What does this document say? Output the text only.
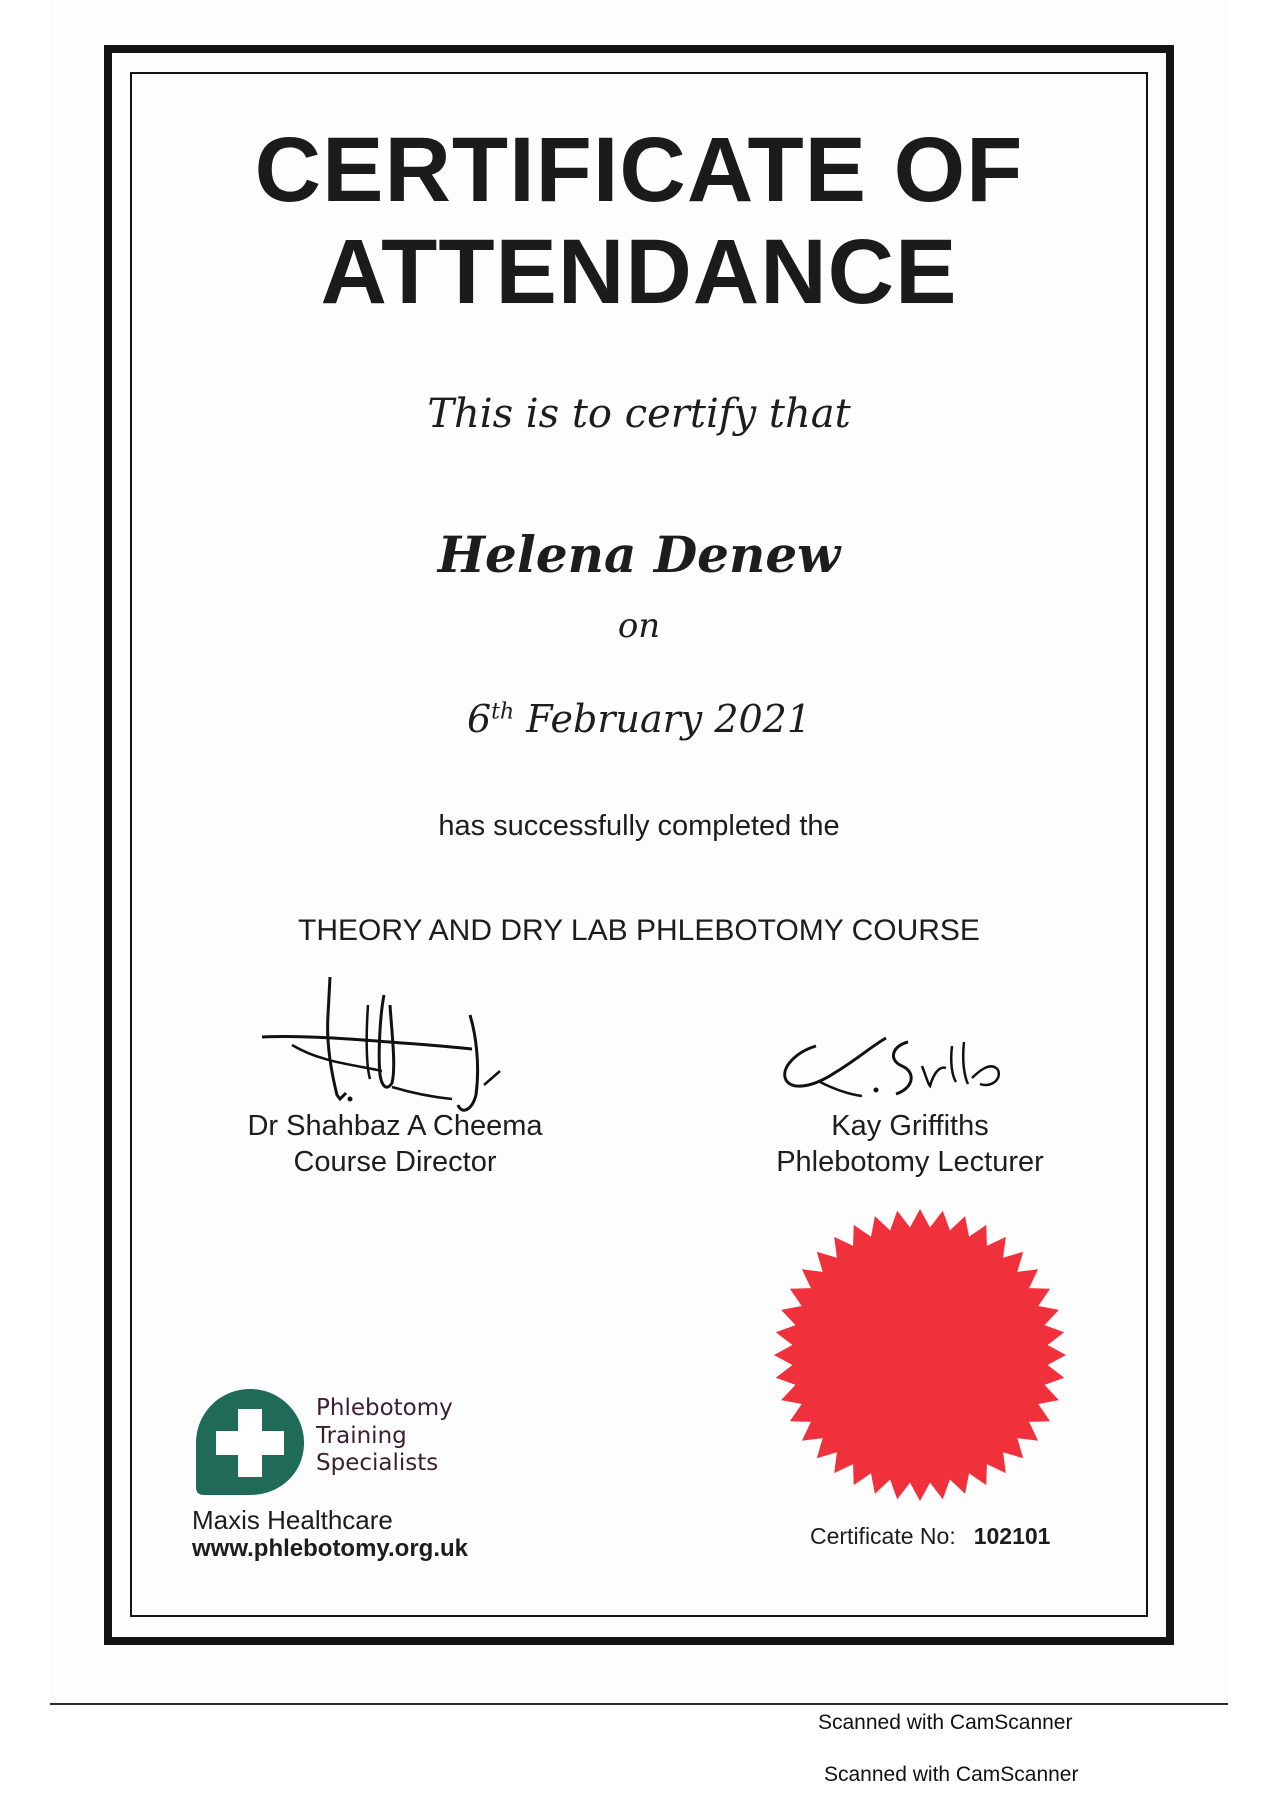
CERTIFICATE OF
ATTENDANCE
This is to certify that
Helena Denew
on
6th February 2021
has successfully completed the
THEORY AND DRY LAB PHLEBOTOMY COURSE
Dr Shahbaz A Cheema
Course Director
Kay Griffiths
Phlebotomy Lecturer
Phlebotomy
Training
Specialists
Maxis Healthcare
www.phlebotomy.org.uk	Certificate No: 102101
Scanned with CamScanner
Scanned with CamScanner
